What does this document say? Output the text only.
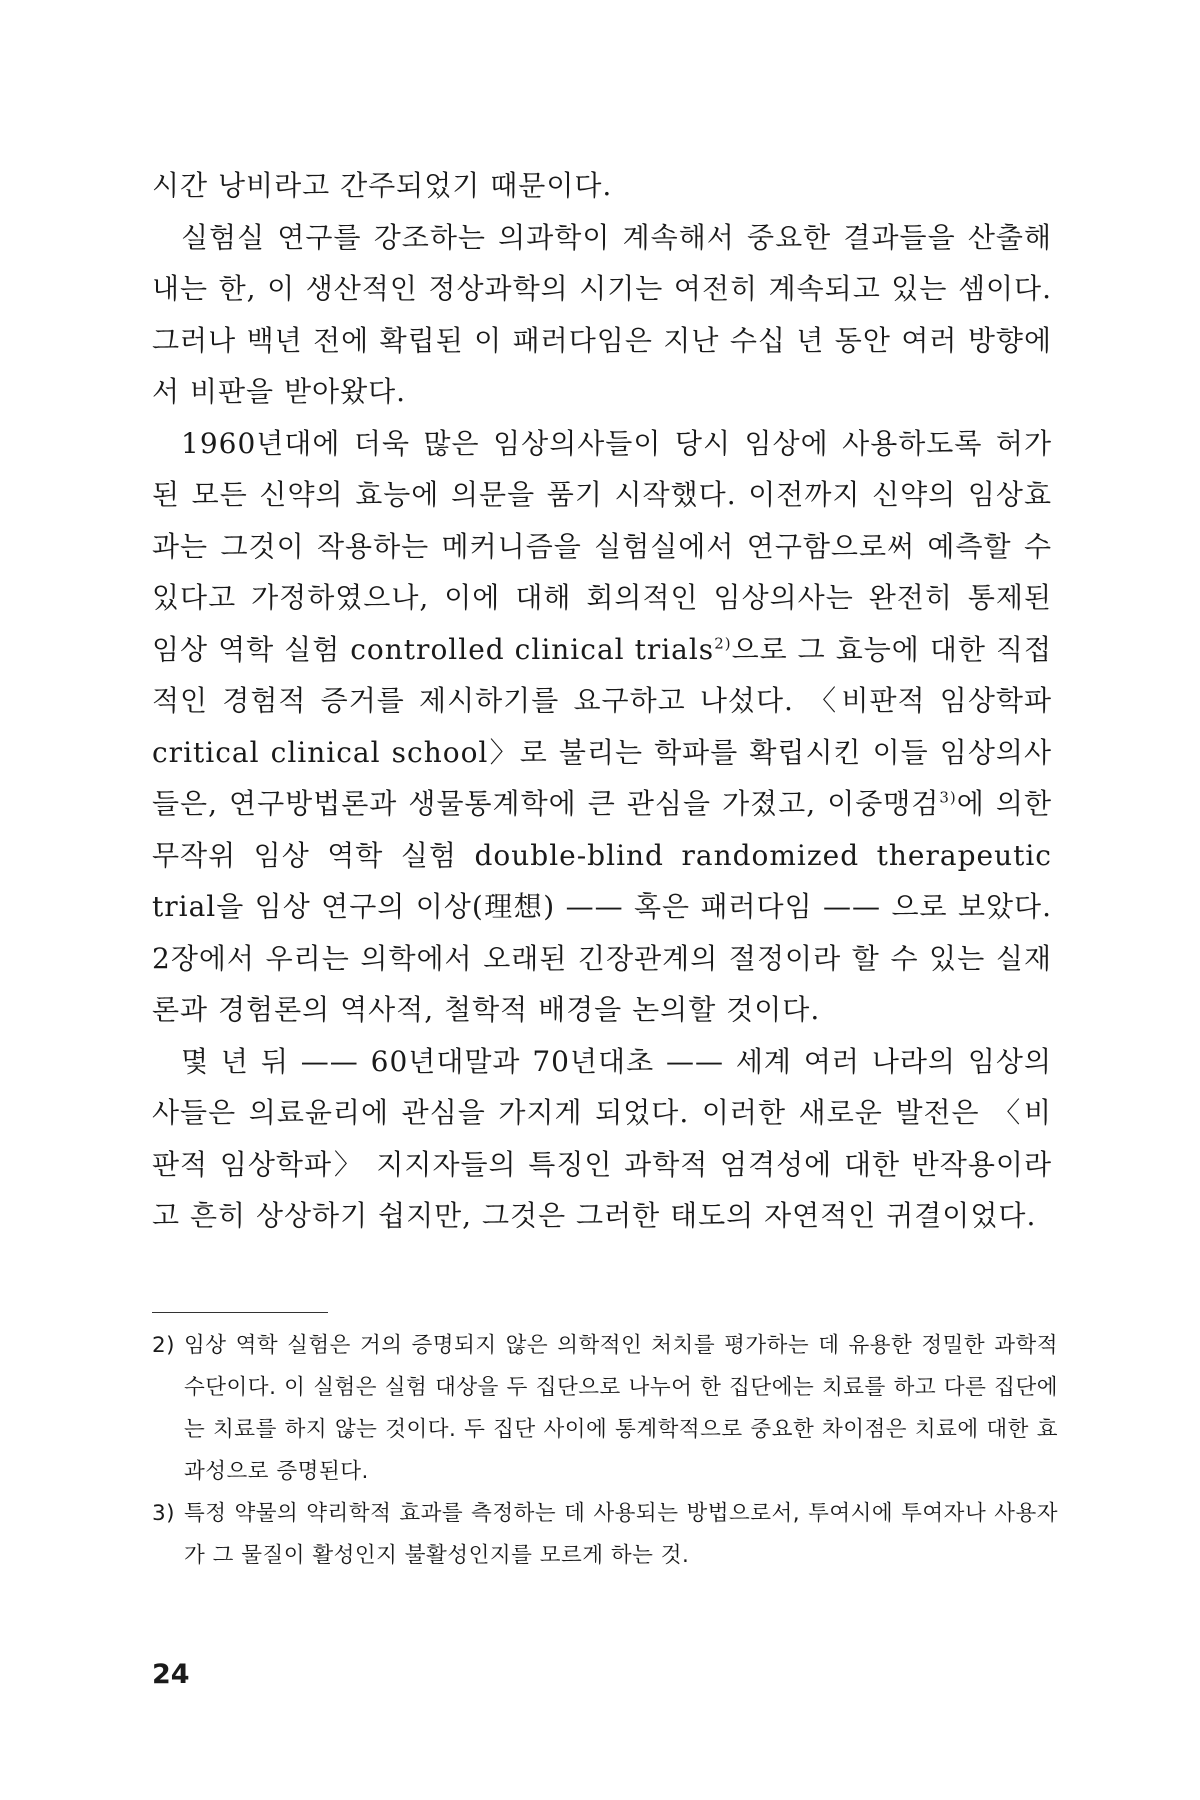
시간 낭비라고 간주되었기 때문이다.

실험실 연구를 강조하는 의과학이 계속해서 중요한 결과들을 산출해내는 한, 이 생산적인 정상과학의 시기는 여전히 계속되고 있는 셈이다. 그러나 백년 전에 확립된 이 패러다임은 지난 수십 년 동안 여러 방향에서 비판을 받아왔다.

1960년대에 더욱 많은 임상의사들이 당시 임상에 사용하도록 허가된 모든 신약의 효능에 의문을 품기 시작했다. 이전까지 신약의 임상효과는 그것이 작용하는 메커니즘을 실험실에서 연구함으로써 예측할 수 있다고 가정하였으나, 이에 대해 회의적인 임상의사는 완전히 통제된 임상 역학 실험 controlled clinical trials$^{2)}$으로 그 효능에 대한 직접적인 경험적 증거를 제시하기를 요구하고 나섰다. 〈비판적 임상학파 critical clinical school〉로 불리는 학파를 확립시킨 이들 임상의사들은, 연구방법론과 생물통계학에 큰 관심을 가졌고, 이중맹검$^{3)}$에 의한 무작위 임상 역학 실험 double-blind randomized therapeutic trial을 임상 연구의 이상(理想) —— 혹은 패러다임 —— 으로 보았다. 2장에서 우리는 의학에서 오래된 긴장관계의 절정이라 할 수 있는 실재론과 경험론의 역사적, 철학적 배경을 논의할 것이다.

몇 년 뒤 —— 60년대말과 70년대초 —— 세계 여러 나라의 임상의사들은 의료윤리에 관심을 가지게 되었다. 이러한 새로운 발전은 〈비판적 임상학파〉 지지자들의 특징인 과학적 엄격성에 대한 반작용이라고 흔히 상상하기 쉽지만, 그것은 그러한 태도의 자연적인 귀결이었다.

2) 임상 역학 실험은 거의 증명되지 않은 의학적인 처치를 평가하는 데 유용한 정밀한 과학적 수단이다. 이 실험은 실험 대상을 두 집단으로 나누어 한 집단에는 치료를 하고 다른 집단에는 치료를 하지 않는 것이다. 두 집단 사이에 통계학적으로 중요한 차이점은 치료에 대한 효과성으로 증명된다.
3) 특정 약물의 약리학적 효과를 측정하는 데 사용되는 방법으로서, 투여시에 투여자나 사용자가 그 물질이 활성인지 불활성인지를 모르게 하는 것.
24
